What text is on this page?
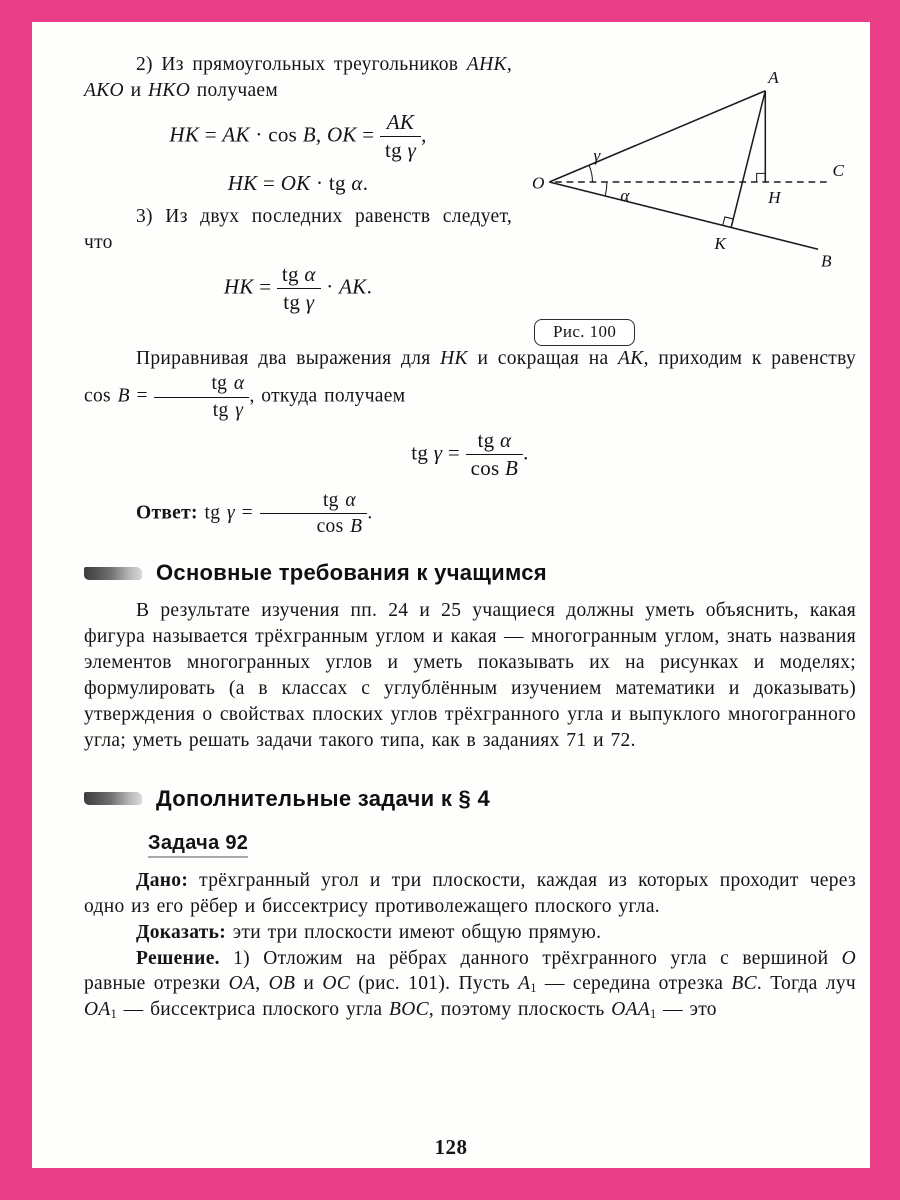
2) Из прямоугольных треугольников AHK, AKO и HKO получаем

HK = AK · cos B, OK = $\frac{AK}{\text{tg γ}}$ ,
HK = OK · tg α.

3) Из двух последних равенств следует, что

HK = $\frac{\text{tg α}}{\text{tg γ}}$ · AK.
O
A
C
H
K
B
γ
α
Рис. 100

Приравнивая два выражения для HK и сокращая на AK, приходим к равенству $\cos B = \frac{\text{tg α}}{\text{tg γ}}$ , откуда получаем

tg $\gamma = \frac{\text{tg α}}{\text{cos B}}$ .

Ответ: tg $\gamma = \frac{\text{tg α}}{\text{cos B}}$ .

Основные требования к учащимся

В результате изучения пп. 24 и 25 учащиеся должны уметь объяснить, какая фигура называется трёхгранным углом и какая — многогранным углом, знать названия элементов многогранных углов и уметь показывать их на рисунках и моделях; формулировать (а в классах с углублённым изучением математики и доказывать) утверждения о свойствах плоских углов трёхгранного угла и выпуклого многогранного угла; уметь решать задачи такого типа, как в заданиях 71 и 72.

Дополнительные задачи к § 4
Задача 92

Дано: трёхгранный угол и три плоскости, каждая из которых проходит через одно из его рёбер и биссектрису противолежащего плоского угла.

Доказать: эти три плоскости имеют общую прямую.

Решение. 1) Отложим на рёбрах данного трёхгранного угла с вершиной O равные отрезки OA, OB и OC (рис. 101). Пусть $A_1$ — середина отрезка BC. Тогда луч $OA_1$ — биссектриса плоского угла BOC, поэтому плоскость $OAA_1$ — это

128
